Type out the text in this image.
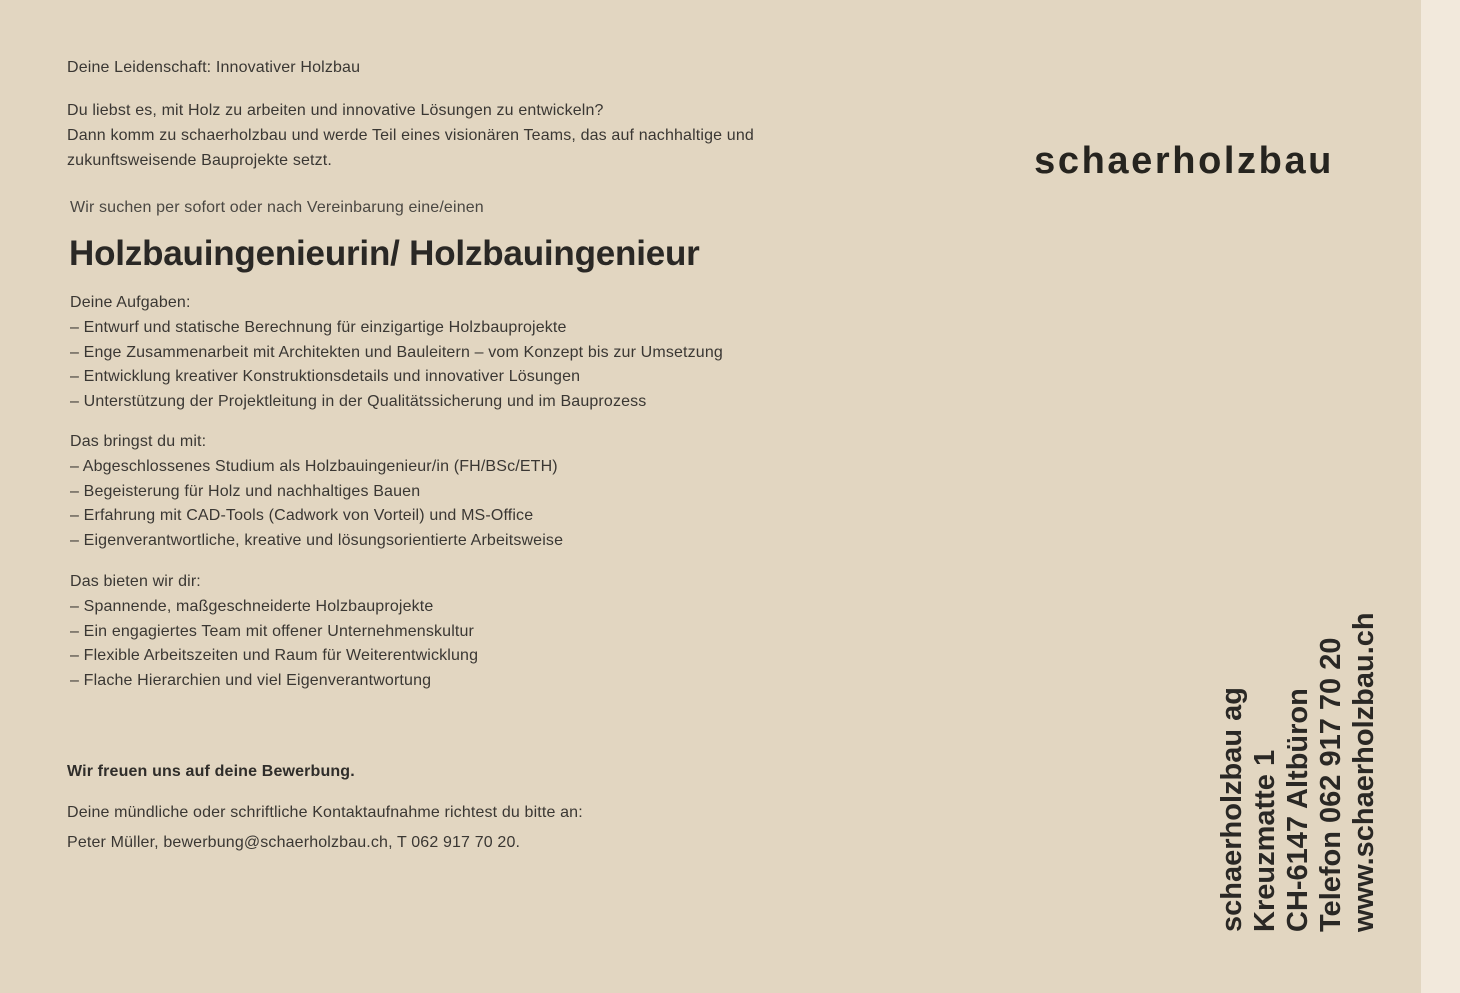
Deine Leidenschaft: Innovativer Holzbau
Du liebst es, mit Holz zu arbeiten und innovative Lösungen zu entwickeln?
Dann komm zu schaerholzbau und werde Teil eines visionären Teams, das auf nachhaltige und
zukunftsweisende Bauprojekte setzt.
Wir suchen per sofort oder nach Vereinbarung eine/einen
Holzbauingenieurin/ Holzbauingenieur
Deine Aufgaben:
– Entwurf und statische Berechnung für einzigartige Holzbauprojekte
– Enge Zusammenarbeit mit Architekten und Bauleitern – vom Konzept bis zur Umsetzung
– Entwicklung kreativer Konstruktionsdetails und innovativer Lösungen
– Unterstützung der Projektleitung in der Qualitätssicherung und im Bauprozess
Das bringst du mit:
– Abgeschlossenes Studium als Holzbauingenieur/in (FH/BSc/ETH)
– Begeisterung für Holz und nachhaltiges Bauen
– Erfahrung mit CAD-Tools (Cadwork von Vorteil) und MS-Office
– Eigenverantwortliche, kreative und lösungsorientierte Arbeitsweise
Das bieten wir dir:
– Spannende, maßgeschneiderte Holzbauprojekte
– Ein engagiertes Team mit offener Unternehmenskultur
– Flexible Arbeitszeiten und Raum für Weiterentwicklung
– Flache Hierarchien und viel Eigenverantwortung
Wir freuen uns auf deine Bewerbung.
Deine mündliche oder schriftliche Kontaktaufnahme richtest du bitte an:
Peter Müller, bewerbung@schaerholzbau.ch, T 062 917 70 20.
schaerholzbau
schaerholzbau ag Kreuzmatte 1 CH-6147 Altbüron Telefon 062 917 70 20 www.schaerholzbau.ch
